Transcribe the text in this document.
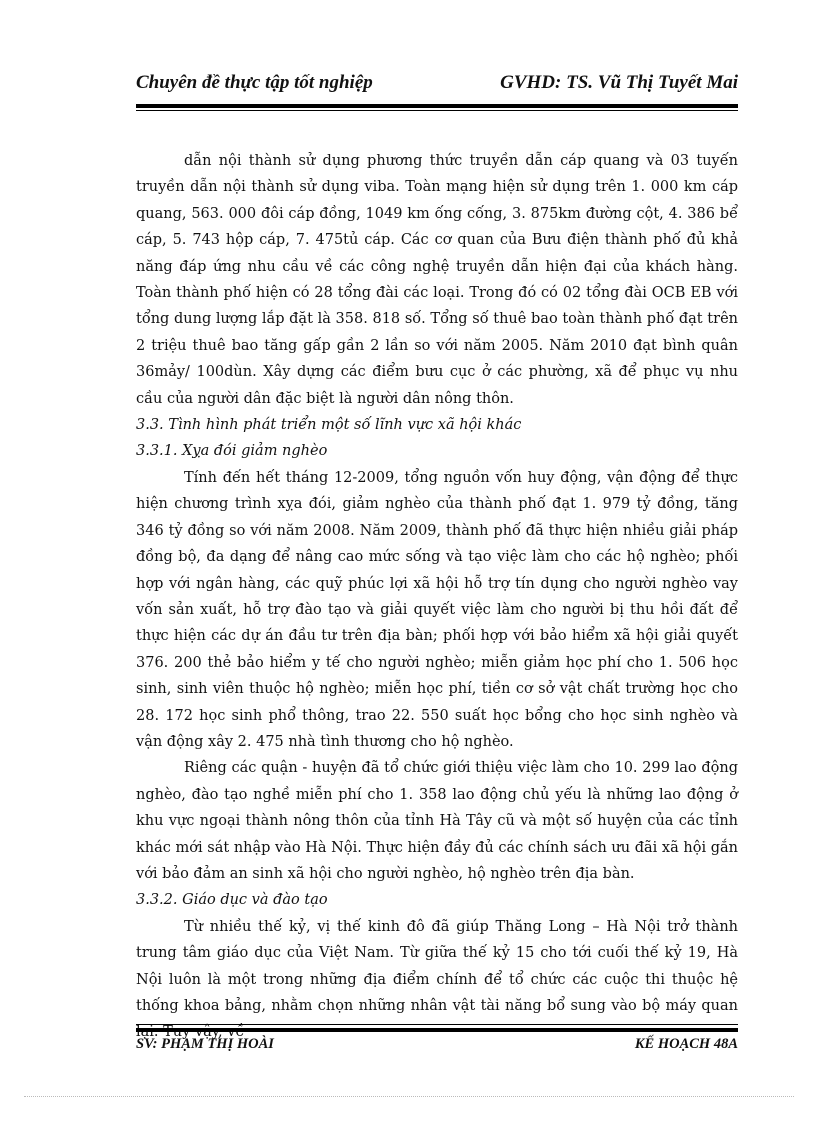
Chuyên đề thực tập tốt nghiệp	GVHD: TS. Vũ Thị Tuyết Mai

dẫn nội thành sử dụng phương thức truyền dẫn cáp quang và 03 tuyến truyền dẫn nội thành sử dụng viba. Toàn mạng hiện sử dụng trên 1. 000 km cáp quang, 563. 000 đôi cáp đồng, 1049 km ống cống, 3. 875km đường cột, 4. 386 bể cáp, 5. 743 hộp cáp, 7. 475tủ cáp. Các cơ quan của Bưu điện thành phố đủ khả năng đáp ứng nhu cầu về các công nghệ truyền dẫn hiện đại của khách hàng. Toàn thành phố hiện có 28 tổng đài các loại. Trong đó có 02 tổng đài OCB EB với tổng dung lượng lắp đặt là 358. 818 số. Tổng số thuê bao toàn thành phố đạt trên 2 triệu thuê bao tăng gấp gần 2 lần so với năm 2005. Năm 2010 đạt bình quân 36mảy/ 100dùn. Xây dựng các điểm bưu cục ở các phường, xã để phục vụ nhu cầu của người dân đặc biệt là người dân nông thôn.

3.3. Tình hình phát triển một số lĩnh vực xã hội khác

3.3.1. Xỵa đói giảm nghèo

Tính đến hết tháng 12-2009, tổng nguồn vốn huy động, vận động để thực hiện chương trình xỵa đói, giảm nghèo của thành phố đạt 1. 979 tỷ đồng, tăng 346 tỷ đồng so với năm 2008. Năm 2009, thành phố đã thực hiện nhiều giải pháp đồng bộ, đa dạng để nâng cao mức sống và tạo việc làm cho các hộ nghèo; phối hợp với ngân hàng, các quỹ phúc lợi xã hội hỗ trợ tín dụng cho người nghèo vay vốn sản xuất, hỗ trợ đào tạo và giải quyết việc làm cho người bị thu hồi đất để thực hiện các dự án đầu tư trên địa bàn; phối hợp với bảo hiểm xã hội giải quyết 376. 200 thẻ bảo hiểm y tế cho người nghèo; miễn giảm học phí cho 1. 506 học sinh, sinh viên thuộc hộ nghèo; miễn học phí, tiền cơ sở vật chất trường học cho 28. 172 học sinh phổ thông, trao 22. 550 suất học bổng cho học sinh nghèo và vận động xây 2. 475 nhà tình thương cho hộ nghèo.

Riêng các quận - huyện đã tổ chức giới thiệu việc làm cho 10. 299 lao động nghèo, đào tạo nghề miễn phí cho 1. 358 lao động chủ yếu là những lao động ở khu vực ngoại thành nông thôn của tỉnh Hà Tây cũ và một số huyện của các tỉnh khác mới sát nhập vào Hà Nội. Thực hiện đầy đủ các chính sách ưu đãi xã hội gắn với bảo đảm an sinh xã hội cho người nghèo, hộ nghèo trên địa bàn.

3.3.2. Giáo dục và đào tạo

Từ nhiều thế kỷ, vị thế kinh đô đã giúp Thăng Long – Hà Nội trở thành trung tâm giáo dục của Việt Nam. Từ giữa thế kỷ 15 cho tới cuối thế kỷ 19, Hà Nội luôn là một trong những địa điểm chính để tổ chức các cuộc thi thuộc hệ thống khoa bảng, nhằm chọn những nhân vật tài năng bổ sung vào bộ máy quan lại. Tuy vậy, về

SV: PHẠM THỊ HOÀI	KẾ HOẠCH 48A
